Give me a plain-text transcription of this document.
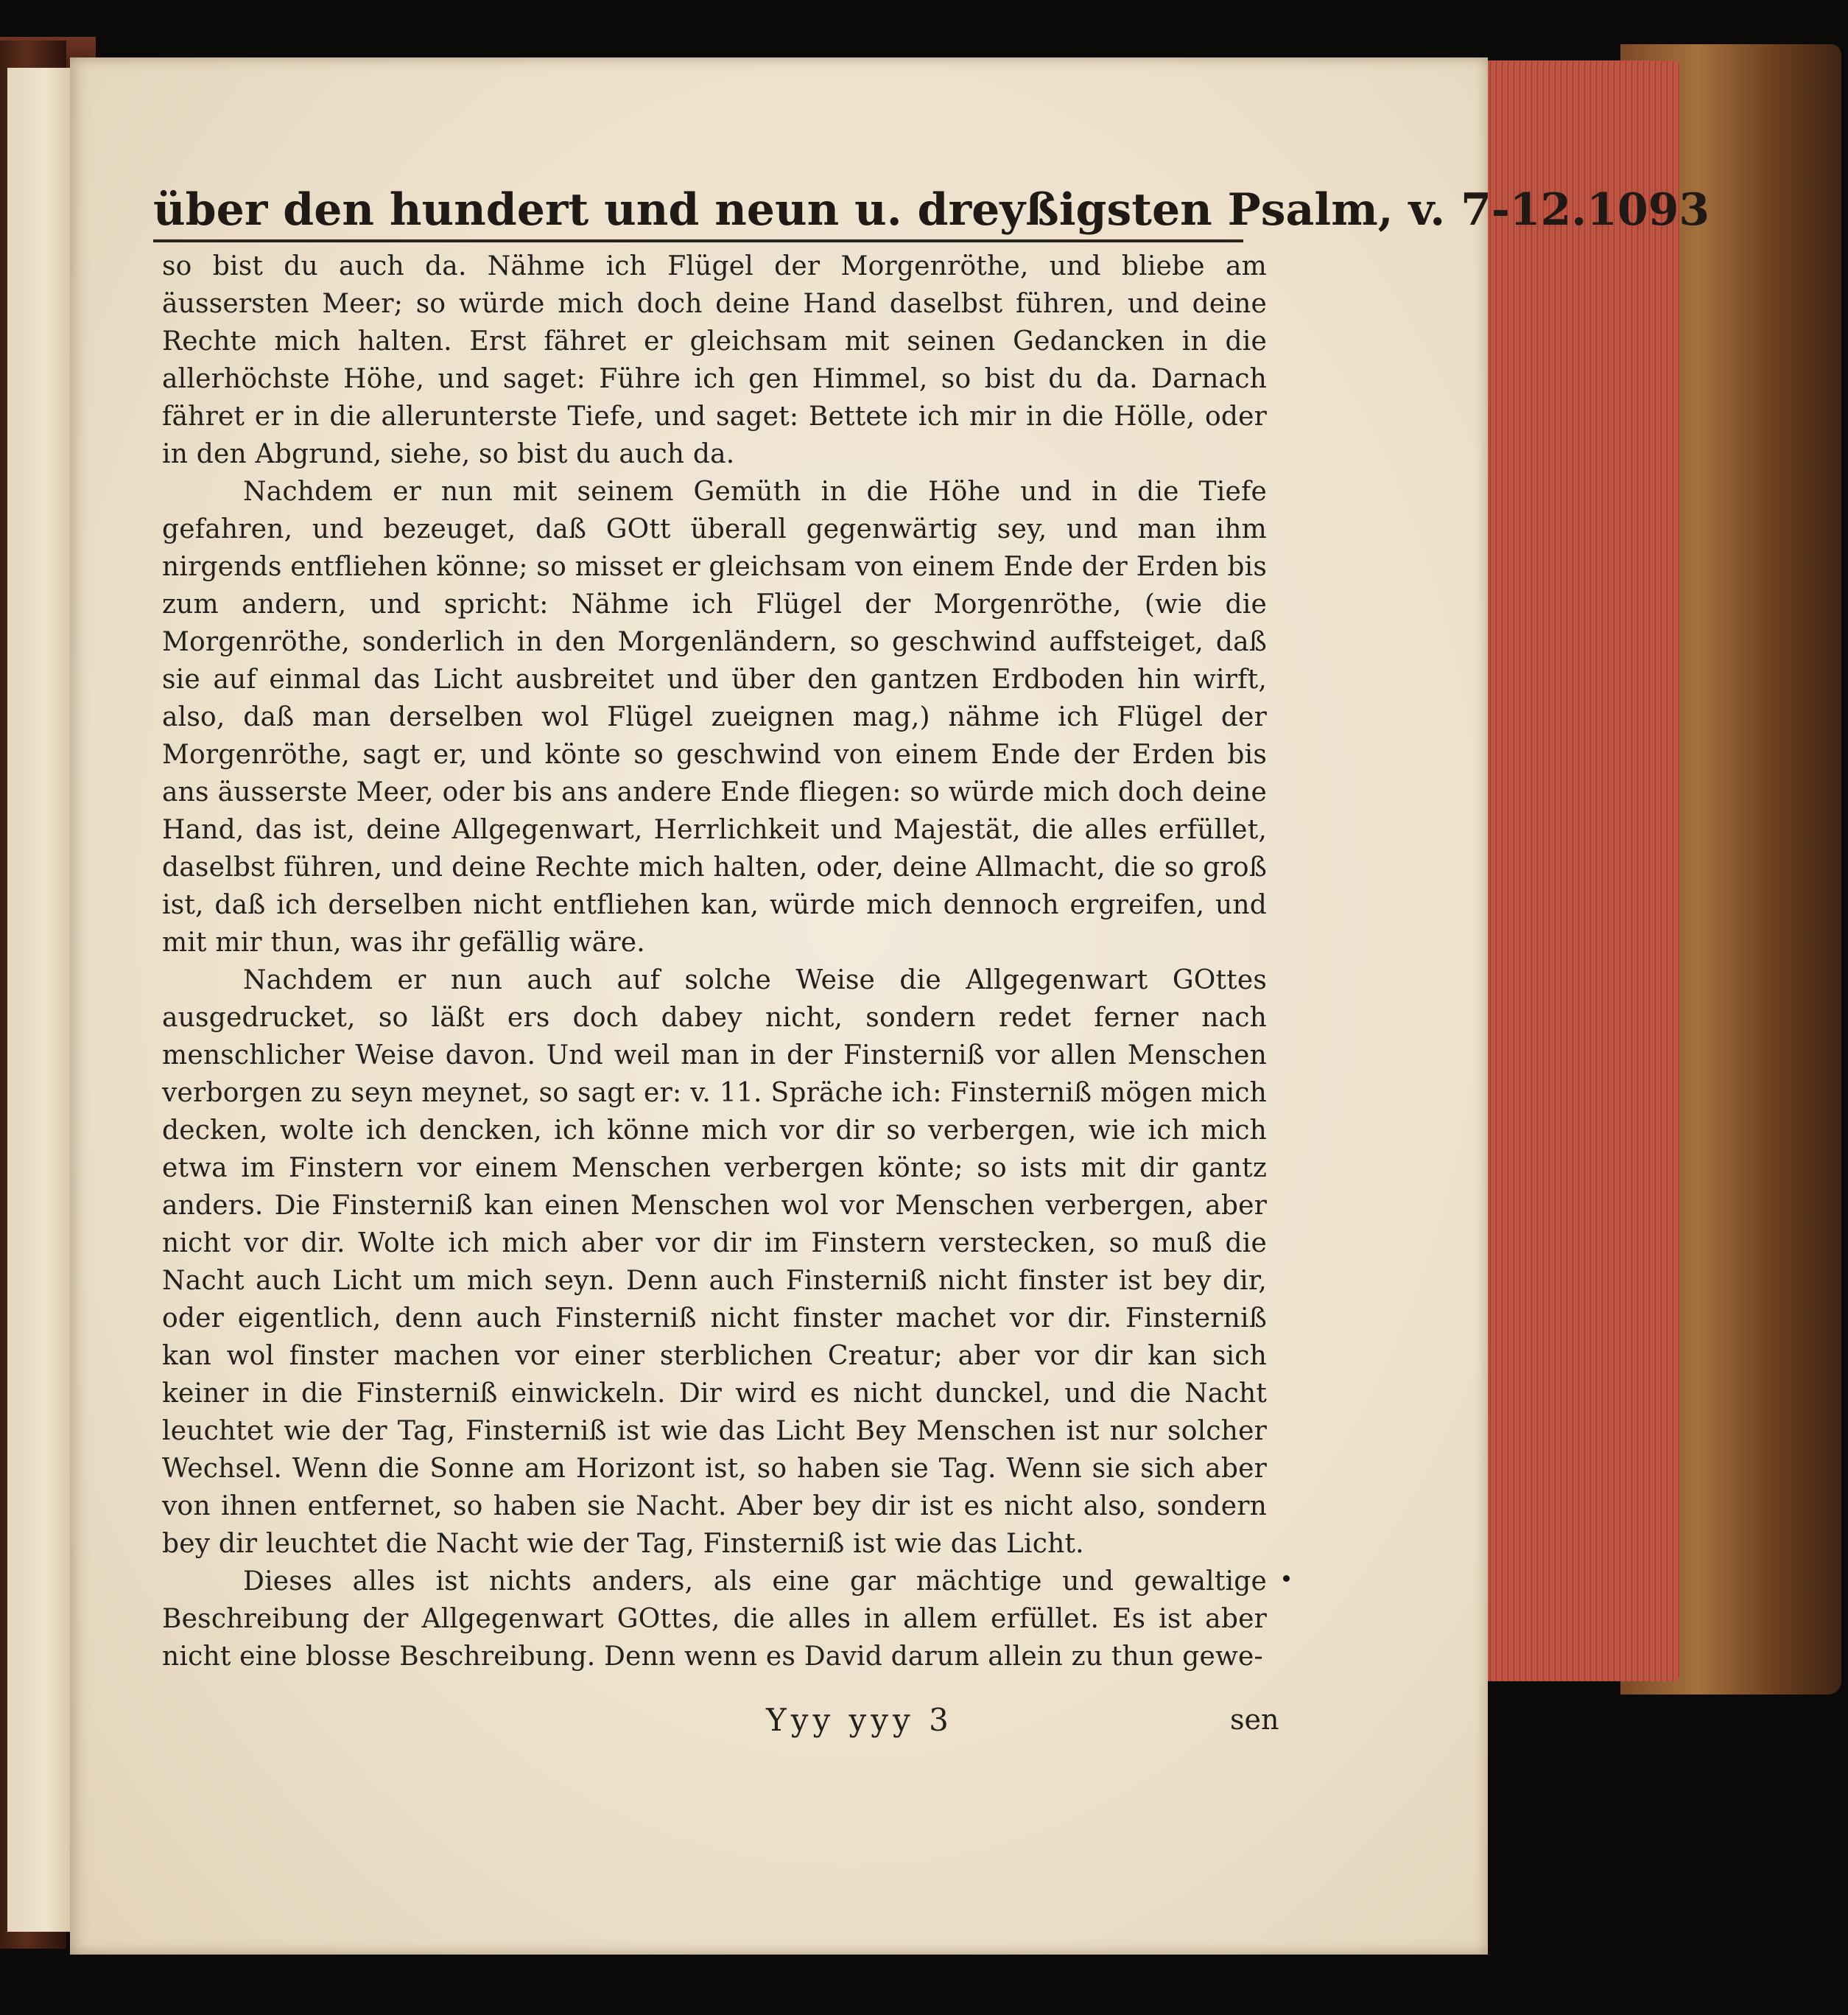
über den hundert und neun u. dreyßigsten Psalm, v. 7-12. 1093

so bist du auch da. Nähme ich Flügel der Morgenröthe, und bliebe am äussersten Meer; so würde mich doch deine Hand daselbst führen, und deine Rechte mich halten. Erst fähret er gleichsam mit seinen Gedancken in die allerhöchste Höhe, und saget: Führe ich gen Himmel, so bist du da. Darnach fähret er in die allerunterste Tiefe, und saget: Bettete ich mir in die Hölle, oder in den Abgrund, siehe, so bist du auch da.

Nachdem er nun mit seinem Gemüth in die Höhe und in die Tiefe gefahren, und bezeuget, daß GOtt überall gegenwärtig sey, und man ihm nirgends entfliehen könne; so misset er gleichsam von einem Ende der Erden bis zum andern, und spricht: Nähme ich Flügel der Morgenröthe, (wie die Morgenröthe, sonderlich in den Morgenländern, so geschwind auffsteiget, daß sie auf einmal das Licht ausbreitet und über den gantzen Erdboden hin wirft, also, daß man derselben wol Flügel zueignen mag,) nähme ich Flügel der Morgenröthe, sagt er, und könte so geschwind von einem Ende der Erden bis ans äusserste Meer, oder bis ans andere Ende fliegen: so würde mich doch deine Hand, das ist, deine Allgegenwart, Herrlichkeit und Majestät, die alles erfüllet, daselbst führen, und deine Rechte mich halten, oder, deine Allmacht, die so groß ist, daß ich derselben nicht entfliehen kan, würde mich dennoch ergreifen, und mit mir thun, was ihr gefällig wäre.

Nachdem er nun auch auf solche Weise die Allgegenwart GOttes ausgedrucket, so läßt ers doch dabey nicht, sondern redet ferner nach menschlicher Weise davon. Und weil man in der Finsterniß vor allen Menschen verborgen zu seyn meynet, so sagt er: v. 11. Spräche ich: Finsterniß mögen mich decken, wolte ich dencken, ich könne mich vor dir so verbergen, wie ich mich etwa im Finstern vor einem Menschen verbergen könte; so ists mit dir gantz anders. Die Finsterniß kan einen Menschen wol vor Menschen verbergen, aber nicht vor dir. Wolte ich mich aber vor dir im Finstern verstecken, so muß die Nacht auch Licht um mich seyn. Denn auch Finsterniß nicht finster ist bey dir, oder eigentlich, denn auch Finsterniß nicht finster machet vor dir. Finsterniß kan wol finster machen vor einer sterblichen Creatur; aber vor dir kan sich keiner in die Finsterniß einwickeln. Dir wird es nicht dunckel, und die Nacht leuchtet wie der Tag, Finsterniß ist wie das Licht Bey Menschen ist nur solcher Wechsel. Wenn die Sonne am Horizont ist, so haben sie Tag. Wenn sie sich aber von ihnen entfernet, so haben sie Nacht. Aber bey dir ist es nicht also, sondern bey dir leuchtet die Nacht wie der Tag, Finsterniß ist wie das Licht.

Dieses alles ist nichts anders, als eine gar mächtige und gewaltige Beschreibung der Allgegenwart GOttes, die alles in allem erfüllet. Es ist aber nicht eine blosse Beschreibung. Denn wenn es David darum allein zu thun gewe-

Yyy yyy 3	sen
